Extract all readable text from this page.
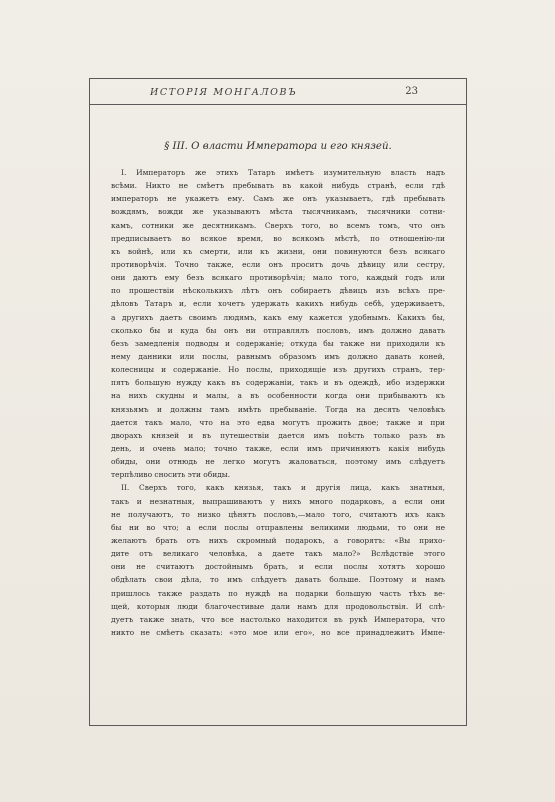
ИСТОРІЯ МОНГАЛОВЪ	23
§ III. О власти Императора и его князей.
I. Императоръ же этихъ Татаръ имѣетъ изумительную власть надъ
всѣми. Никто не смѣетъ пребывать въ какой нибудь странѣ, если гдѣ
императоръ не укажетъ ему. Самъ же онъ указываетъ, гдѣ пребывать
вождямъ, вожди же указываютъ мѣста тысячникамъ, тысячники сотни-
камъ, сотники же десятникамъ. Сверхъ того, во всемъ томъ, что онъ
предписываетъ во всякое время, во всякомъ мѣстѣ, по отношенію-ли
къ войнѣ, или къ смерти, или къ жизни, они повинуются безъ всякаго
противорѣчія. Точно также, если онъ проситъ дочь дѣвицу или сестру,
они даютъ ему безъ всякаго противорѣчія; мало того, каждый годъ или
по прошествіи нѣсколькихъ лѣтъ онъ собираетъ дѣвицъ изъ всѣхъ пре-
дѣловъ Татаръ и, если хочетъ удержать какихъ нибудь себѣ, удерживаетъ,
а другихъ даетъ своимъ людямъ, какъ ему кажется удобнымъ. Какихъ бы,
сколько бы и куда бы онъ ни отправлялъ пословъ, имъ должно давать
безъ замедленія подводы и содержаніе; откуда бы также ни приходили къ
нему данники или послы, равнымъ образомъ имъ должно давать коней,
колесницы и содержаніе. Но послы, приходящіе изъ другихъ странъ, тер-
пятъ большую нужду какъ въ содержаніи, такъ и въ одеждѣ, ибо издержки
на нихъ скудны и малы, а въ особенности когда они прибываютъ къ
князьямъ и должны тамъ имѣть пребываніе. Тогда на десять человѣкъ
дается такъ мало, что на это едва могутъ прожить двое; также и при
дворахъ князей и въ путешествіи дается имъ поѣсть только разъ въ
день, и очень мало; точно также, если имъ причиняютъ какія нибудь
обиды, они отнюдь не легко могутъ жаловаться, поэтому имъ слѣдуетъ
терпѣливо сносить эти обиды.
II. Сверхъ того, какъ князья, такъ и другія лица, какъ знатныя,
такъ и незнатныя, выпрашиваютъ у нихъ много подарковъ, а если они
не получаютъ, то низко цѣнятъ пословъ,—мало того, считаютъ ихъ какъ
бы ни во что; а если послы отправлены великими людьми, то они не
желаютъ брать отъ нихъ скромный подарокъ, а говорятъ: «Вы прихо-
дите отъ великаго человѣка, а даете такъ мало?» Вслѣдствіе этого
они не считаютъ достойнымъ брать, и если послы хотятъ хорошо
обдѣлать свои дѣла, то имъ слѣдуетъ давать больше. Поэтому и намъ
пришлось также раздать по нуждѣ на подарки большую часть тѣхъ ве-
щей, которыя люди благочестивые дали намъ для продовольствія. И слѣ-
дуетъ также знать, что все настолько находится въ рукѣ Императора, что
никто не смѣетъ сказать: «это мое или его», но все принадлежитъ Импе-
